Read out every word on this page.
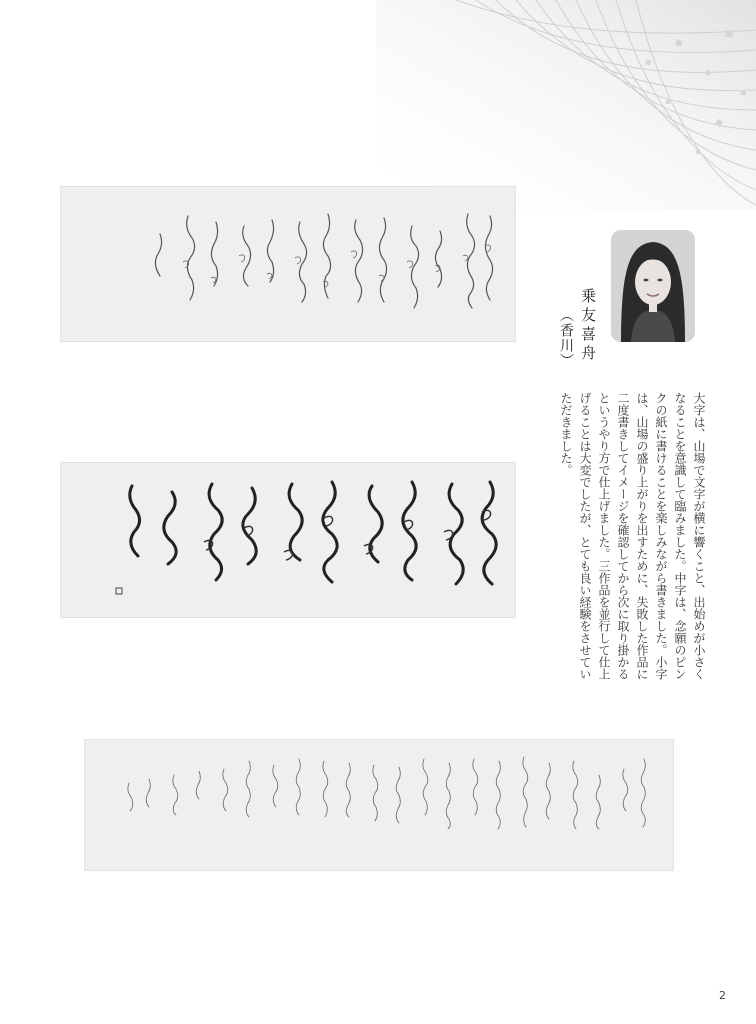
乗友喜舟
（香川）
大字は、山場で文字が横に響くこと、出始めが小さくなることを意識して臨みました。中字は、念願のピンクの紙に書けることを楽しみながら書きました。小字は、山場の盛り上がりを出すために、失敗した作品に二度書きしてイメージを確認してから次に取り掛かるというやり方で仕上げました。三作品を並行して仕上げることは大変でしたが、とても良い経験をさせていただきました。
2
